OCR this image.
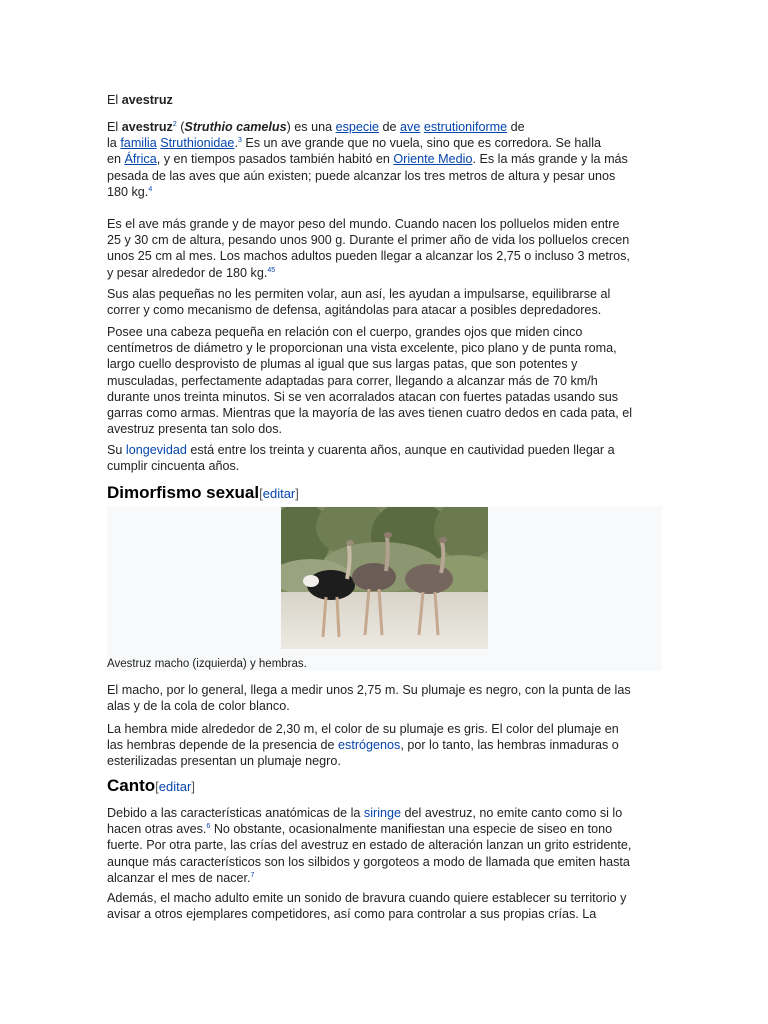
El avestruz

El avestruz$^2$ (Struthio camelus) es una especie de ave estrutioniforme de

la familia Struthionidae.$^3$ Es un ave grande que no vuela, sino que es corredora. Se halla

en África, y en tiempos pasados también habitó en Oriente Medio. Es la más grande y la más

pesada de las aves que aún existen; puede alcanzar los tres metros de altura y pesar unos

180 kg.$^4$

Es el ave más grande y de mayor peso del mundo. Cuando nacen los polluelos miden entre

25 y 30 cm de altura, pesando unos 900 g. Durante el primer año de vida los polluelos crecen

unos 25 cm al mes. Los machos adultos pueden llegar a alcanzar los 2,75 o incluso 3 metros,

y pesar alrededor de 180 kg.$^{45}$

Sus alas pequeñas no les permiten volar, aun así, les ayudan a impulsarse, equilibrarse al

correr y como mecanismo de defensa, agitándolas para atacar a posibles depredadores.

Posee una cabeza pequeña en relación con el cuerpo, grandes ojos que miden cinco

centímetros de diámetro y le proporcionan una vista excelente, pico plano y de punta roma,

largo cuello desprovisto de plumas al igual que sus largas patas, que son potentes y

musculadas, perfectamente adaptadas para correr, llegando a alcanzar más de 70 km/h

durante unos treinta minutos. Si se ven acorralados atacan con fuertes patadas usando sus

garras como armas. Mientras que la mayoría de las aves tienen cuatro dedos en cada pata, el

avestruz presenta tan solo dos.

Su longevidad está entre los treinta y cuarenta años, aunque en cautividad pueden llegar a

cumplir cincuenta años.

Dimorfismo sexual[editar]
Avestruz macho (izquierda) y hembras.

El macho, por lo general, llega a medir unos 2,75 m. Su plumaje es negro, con la punta de las

alas y de la cola de color blanco.

La hembra mide alrededor de 2,30 m, el color de su plumaje es gris. El color del plumaje en

las hembras depende de la presencia de estrógenos, por lo tanto, las hembras inmaduras o

esterilizadas presentan un plumaje negro.

Canto[editar]

Debido a las características anatómicas de la siringe del avestruz, no emite canto como si lo

hacen otras aves.$^6$ No obstante, ocasionalmente manifiestan una especie de siseo en tono

fuerte. Por otra parte, las crías del avestruz en estado de alteración lanzan un grito estridente,

aunque más característicos son los silbidos y gorgoteos a modo de llamada que emiten hasta

alcanzar el mes de nacer.$^7$

Además, el macho adulto emite un sonido de bravura cuando quiere establecer su territorio y

avisar a otros ejemplares competidores, así como para controlar a sus propias crías. La
